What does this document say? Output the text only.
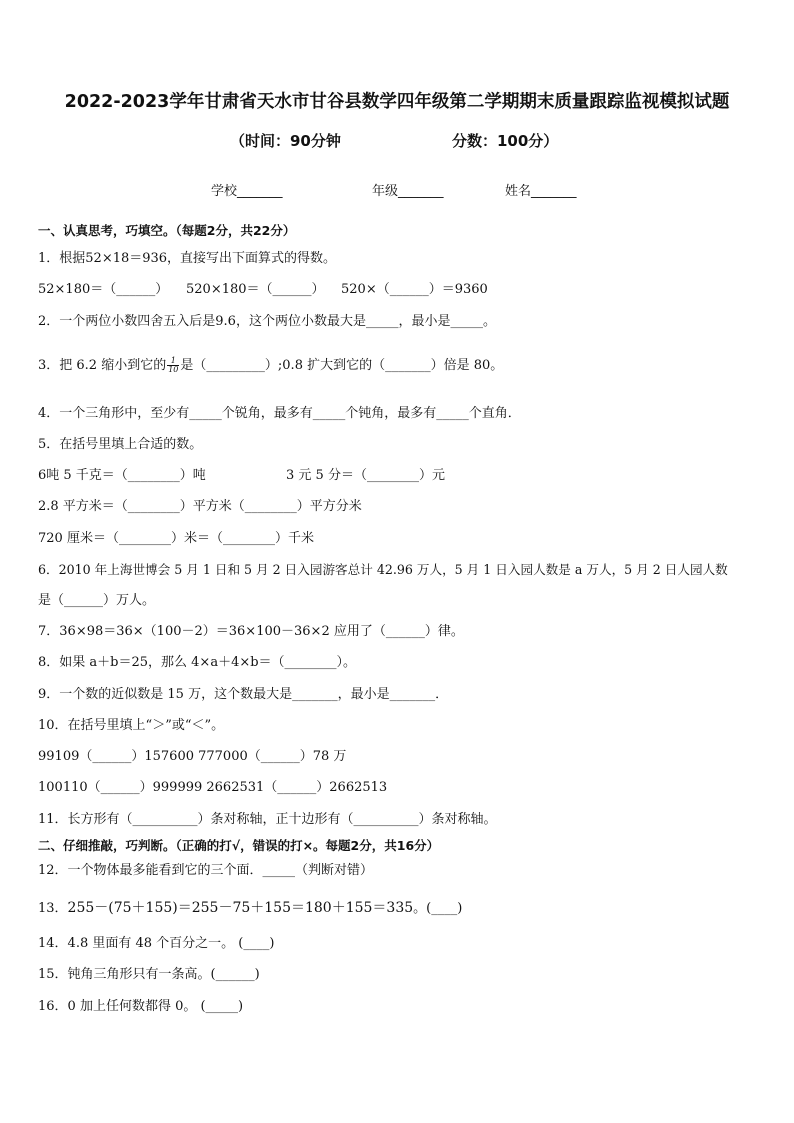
2022-2023学年甘肃省天水市甘谷县数学四年级第二学期期末质量跟踪监视模拟试题
（时间：90分钟	分数：100分）
学校_______	年级_______	姓名_______
一、认真思考，巧填空。（每题2分，共22分）
1．根据52×18＝936，直接写出下面算式的得数。
52×180＝（______） 520×180＝（______） 520×（______）＝9360
2．一个两位小数四舍五入后是9.6，这个两位小数最大是_____，最小是_____。
3．把 6.2 缩小到它的 $\frac{1}{10}$ 是（_________）;0.8 扩大到它的（_______）倍是 80。
4．一个三角形中，至少有_____个锐角，最多有_____个钝角，最多有_____个直角．
5．在括号里填上合适的数。
6吨 5 千克＝（________）吨	3 元 5 分＝（________）元
2.8 平方米＝（________）平方米（________）平方分米
720 厘米＝（________）米＝（________）千米
6．2010 年上海世博会 5 月 1 日和 5 月 2 日入园游客总计 42.96 万人，5 月 1 日入园人数是 a 万人，5 月 2 日人园人数
是（______）万人。
7．36×98＝36×（100－2）＝36×100－36×2 应用了（______）律。
8．如果 a＋b＝25，那么 4×a＋4×b＝（________）。
9．一个数的近似数是 15 万，这个数最大是_______，最小是_______．
10．在括号里填上“＞”或“＜”。
99109（______）157600 777000（______）78 万
100110（______）999999 2662531（______）2662513
11．长方形有（__________）条对称轴，正十边形有（__________）条对称轴。
二、仔细推敲，巧判断。（正确的打√，错误的打×。每题2分，共16分）
12．一个物体最多能看到它的三个面．_____（判断对错）
13．255－(75＋155)＝255－75＋155＝180＋155＝335。(____)
14．4.8 里面有 48 个百分之一。 (____)
15．钝角三角形只有一条高。(______)
16．0 加上任何数都得 0。 (_____)
